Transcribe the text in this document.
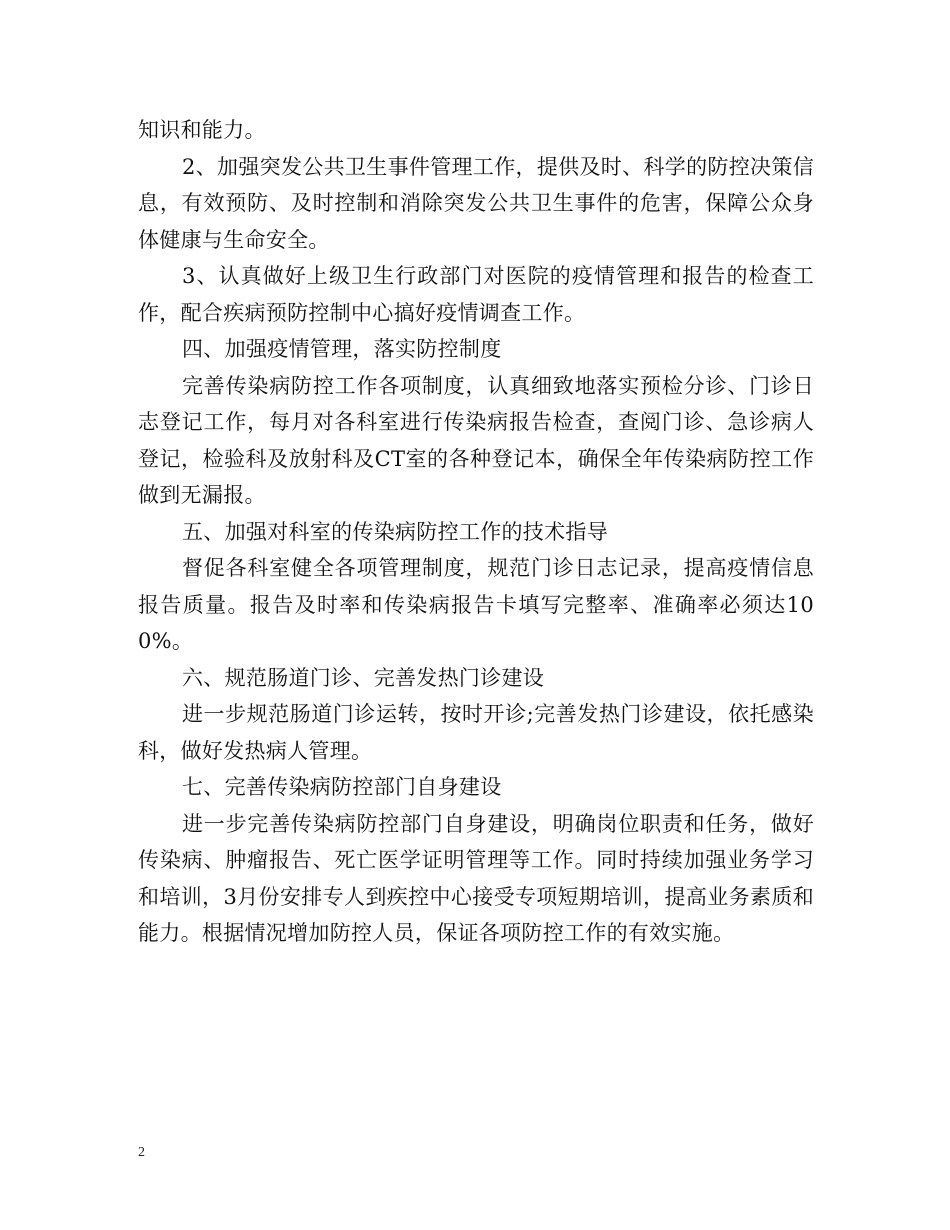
知识和能力。

2、加强突发公共卫生事件管理工作，提供及时、科学的防控决策信息，有效预防、及时控制和消除突发公共卫生事件的危害，保障公众身体健康与生命安全。

3、认真做好上级卫生行政部门对医院的疫情管理和报告的检查工作，配合疾病预防控制中心搞好疫情调查工作。

四、加强疫情管理，落实防控制度

完善传染病防控工作各项制度，认真细致地落实预检分诊、门诊日志登记工作，每月对各科室进行传染病报告检查，查阅门诊、急诊病人登记，检验科及放射科及CT室的各种登记本，确保全年传染病防控工作做到无漏报。

五、加强对科室的传染病防控工作的技术指导

督促各科室健全各项管理制度，规范门诊日志记录，提高疫情信息报告质量。报告及时率和传染病报告卡填写完整率、准确率必须达100%。

六、规范肠道门诊、完善发热门诊建设

进一步规范肠道门诊运转，按时开诊;完善发热门诊建设，依托感染科，做好发热病人管理。

七、完善传染病防控部门自身建设

进一步完善传染病防控部门自身建设，明确岗位职责和任务，做好传染病、肿瘤报告、死亡医学证明管理等工作。同时持续加强业务学习和培训，3月份安排专人到疾控中心接受专项短期培训，提高业务素质和能力。根据情况增加防控人员，保证各项防控工作的有效实施。

2
